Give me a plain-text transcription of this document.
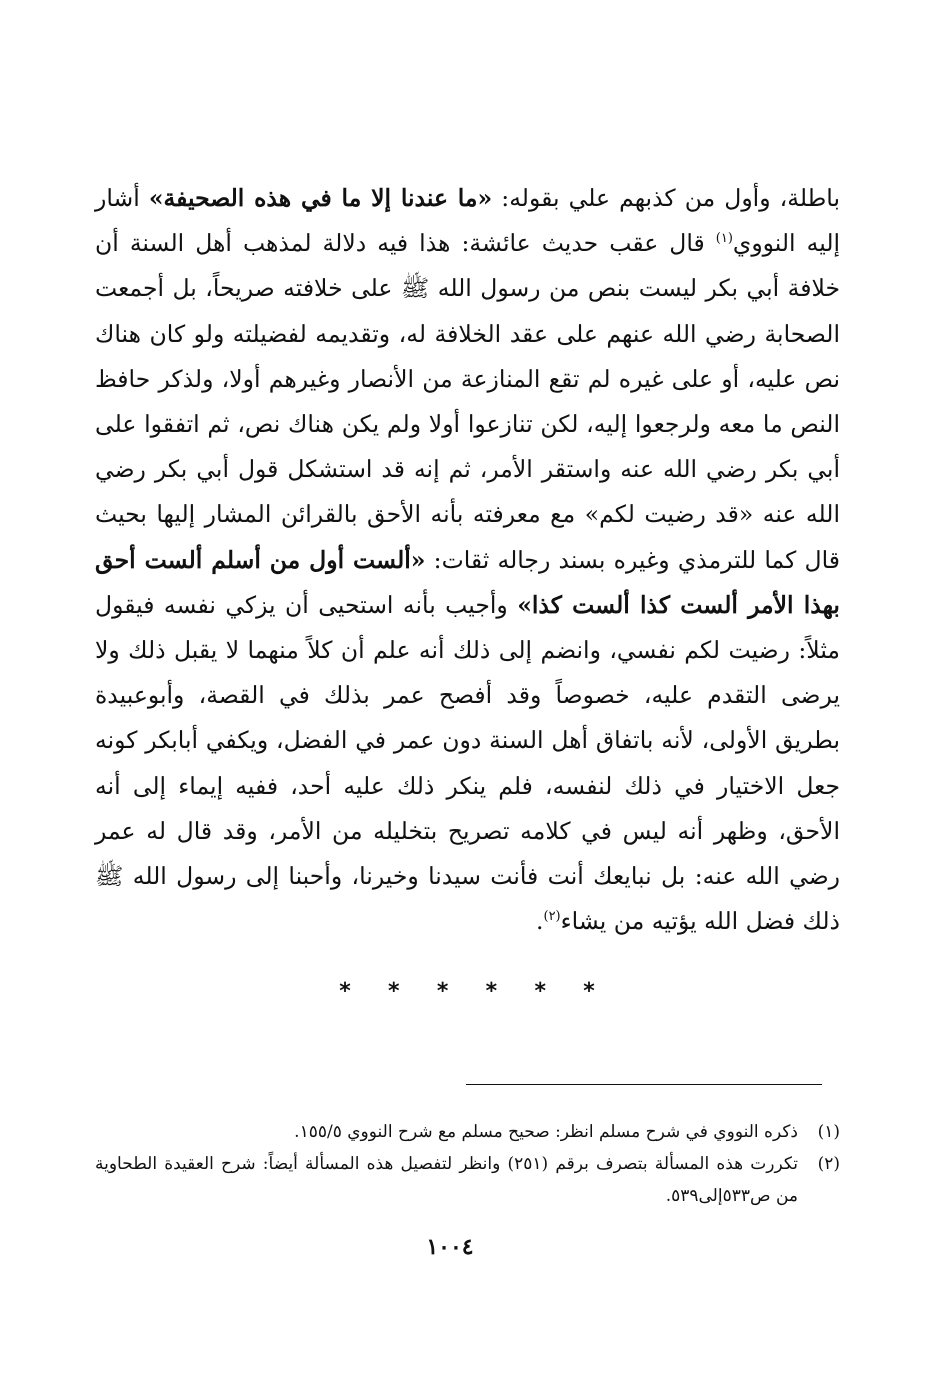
باطلة، وأول من كذبهم علي بقوله: «ما عندنا إلا ما في هذه الصحيفة» أشار إليه النووي$^{(١)}$ قال عقب حديث عائشة: هذا فيه دلالة لمذهب أهل السنة أن خلافة أبي بكر ليست بنص من رسول الله ﷺ على خلافته صريحاً، بل أجمعت الصحابة رضي الله عنهم على عقد الخلافة له، وتقديمه لفضيلته ولو كان هناك نص عليه، أو على غيره لم تقع المنازعة من الأنصار وغيرهم أولا، ولذكر حافظ النص ما معه ولرجعوا إليه، لكن تنازعوا أولا ولم يكن هناك نص، ثم اتفقوا على أبي بكر رضي الله عنه واستقر الأمر، ثم إنه قد استشكل قول أبي بكر رضي الله عنه «قد رضيت لكم» مع معرفته بأنه الأحق بالقرائن المشار إليها بحيث قال كما للترمذي وغيره بسند رجاله ثقات: «ألست أول من أسلم ألست أحق بهذا الأمر ألست كذا ألست كذا» وأجيب بأنه استحيى أن يزكي نفسه فيقول مثلاً: رضيت لكم نفسي، وانضم إلى ذلك أنه علم أن كلاً منهما لا يقبل ذلك ولا يرضى التقدم عليه، خصوصاً وقد أفصح عمر بذلك في القصة، وأبوعبيدة بطريق الأولى، لأنه باتفاق أهل السنة دون عمر في الفضل، ويكفي أبابكر كونه جعل الاختيار في ذلك لنفسه، فلم ينكر ذلك عليه أحد، ففيه إيماء إلى أنه الأحق، وظهر أنه ليس في كلامه تصريح بتخليله من الأمر، وقد قال له عمر رضي الله عنه: بل نبايعك أنت فأنت سيدنا وخيرنا، وأحبنا إلى رسول الله ﷺ ذلك فضل الله يؤتيه من يشاء$^{(٢)}$.

*
*
*
*
*
*
(١)
ذكره النووي في شرح مسلم انظر: صحيح مسلم مع شرح النووي ١٥٥/٥.
(٢)
تكررت هذه المسألة بتصرف برقم (٢٥١) وانظر لتفصيل هذه المسألة أيضاً: شرح العقيدة الطحاوية من ص٥٣٣إلى٥٣٩.
١٠٠٤
